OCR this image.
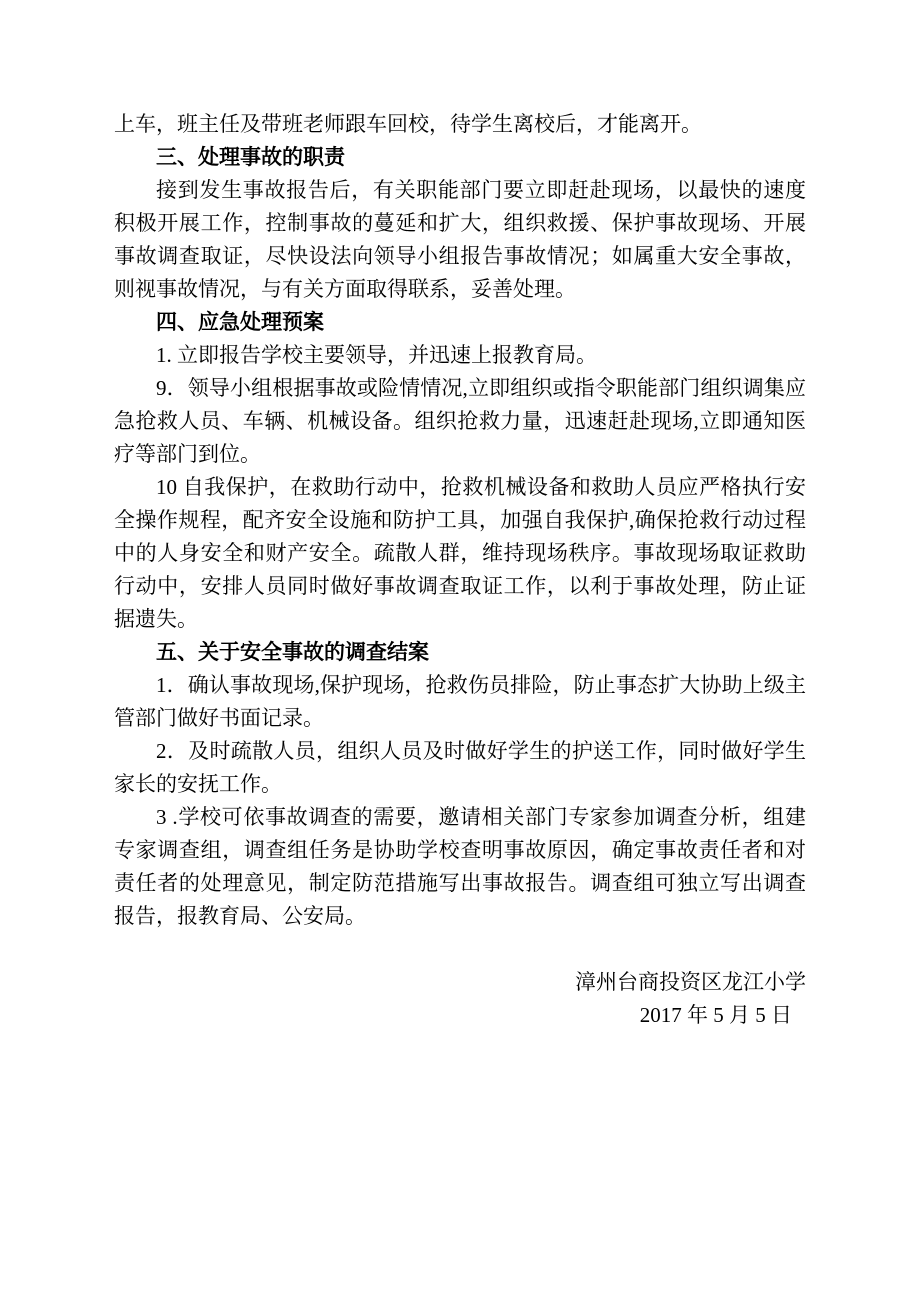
上车，班主任及带班老师跟车回校，待学生离校后，才能离开。

三、处理事故的职责

接到发生事故报告后，有关职能部门要立即赶赴现场，以最快的速度积极开展工作，控制事故的蔓延和扩大，组织救援、保护事故现场、开展事故调查取证，尽快设法向领导小组报告事故情况；如属重大安全事故，则视事故情况，与有关方面取得联系，妥善处理。

四、应急处理预案

1. 立即报告学校主要领导，并迅速上报教育局。

9．领导小组根据事故或险情情况,立即组织或指令职能部门组织调集应急抢救人员、车辆、机械设备。组织抢救力量，迅速赶赴现场,立即通知医疗等部门到位。

10 自我保护，在救助行动中，抢救机械设备和救助人员应严格执行安全操作规程，配齐安全设施和防护工具，加强自我保护,确保抢救行动过程中的人身安全和财产安全。疏散人群，维持现场秩序。事故现场取证救助行动中，安排人员同时做好事故调查取证工作，以利于事故处理，防止证据遗失。

五、关于安全事故的调查结案

1．确认事故现场,保护现场，抢救伤员排险，防止事态扩大协助上级主管部门做好书面记录。

2．及时疏散人员，组织人员及时做好学生的护送工作，同时做好学生家长的安抚工作。

3 .学校可依事故调查的需要，邀请相关部门专家参加调查分析，组建专家调查组，调查组任务是协助学校查明事故原因，确定事故责任者和对责任者的处理意见，制定防范措施写出事故报告。调查组可独立写出调查报告，报教育局、公安局。

漳州台商投资区龙江小学

2017 年 5 月 5 日
